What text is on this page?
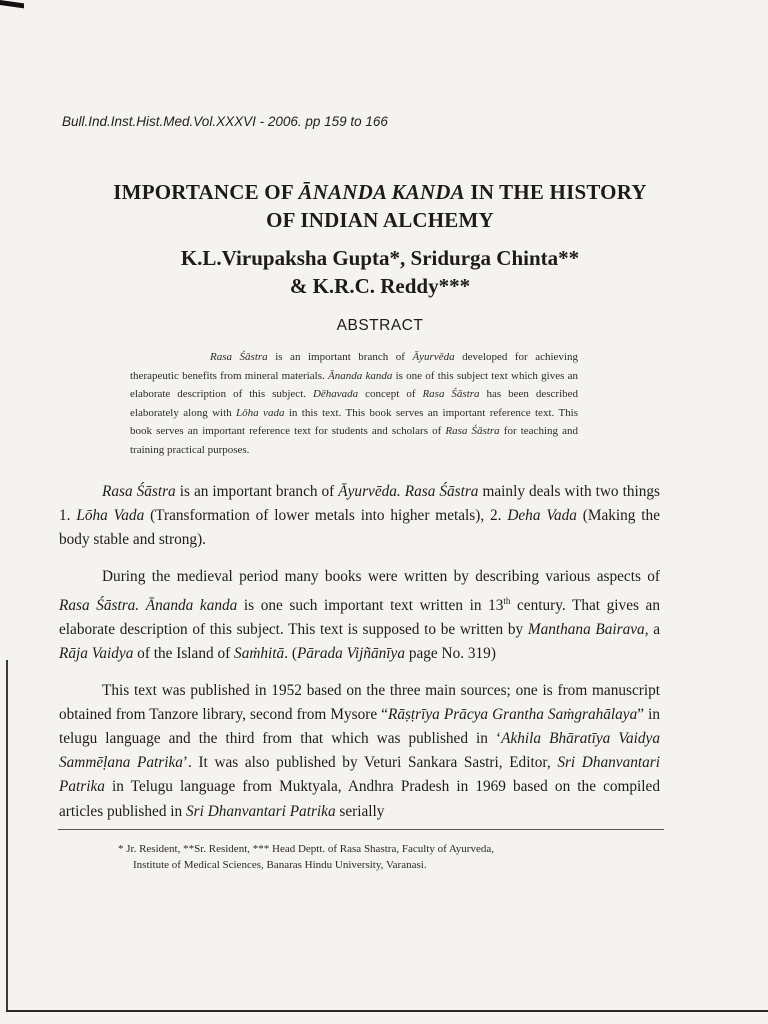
Bull.Ind.Inst.Hist.Med.Vol.XXXVI - 2006. pp 159 to 166
IMPORTANCE OF ĀNANDA KANDA IN THE HISTORY
OF INDIAN ALCHEMY
K.L.Virupaksha Gupta*, Sridurga Chinta**
& K.R.C. Reddy***
ABSTRACT

Rasa Śāstra is an important branch of Āyurvēda developed for achieving therapeutic benefits from mineral materials. Ānanda kanda is one of this subject text which gives an elaborate description of this subject. Dēhavada concept of Rasa Śāstra has been described elaborately along with Lōha vada in this text. This book serves an important reference text. This book serves an important reference text for students and scholars of Rasa Śāstra for teaching and training practical purposes.

Rasa Śāstra is an important branch of Āyurvēda. Rasa Śāstra mainly deals with two things 1. Lōha Vada (Transformation of lower metals into higher metals), 2. Deha Vada (Making the body stable and strong).

During the medieval period many books were written by describing various aspects of Rasa Śāstra. Ānanda kanda is one such important text written in 13th century. That gives an elaborate description of this subject. This text is supposed to be written by Manthana Bairava, a Rāja Vaidya of the Island of Saṁhitā. (Pārada Vijñānīya page No. 319)

This text was published in 1952 based on the three main sources; one is from manuscript obtained from Tanzore library, second from Mysore “Rāṣṭrīya Prācya Grantha Saṁgrahālaya” in telugu language and the third from that which was published in ‘Akhila Bhāratīya Vaidya Sammēḷana Patrika’. It was also published by Veturi Sankara Sastri, Editor, Sri Dhanvantari Patrika in Telugu language from Muktyala, Andhra Pradesh in 1969 based on the compiled articles published in Sri Dhanvantari Patrika serially

* Jr. Resident, **Sr. Resident, *** Head Deptt. of Rasa Shastra, Faculty of Ayurveda,
Institute of Medical Sciences, Banaras Hindu University, Varanasi.
